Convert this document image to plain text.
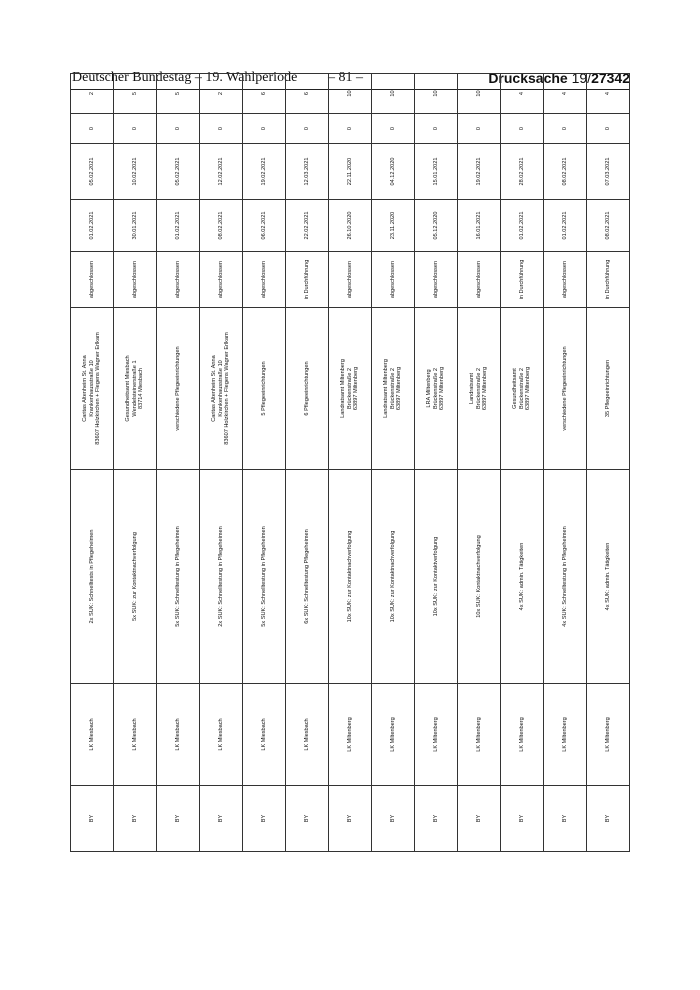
Deutscher Bundestag – 19. Wahlperiode – 81 –	Drucksache 19/27342
BY	LK Miesbach	2x SUK: Schnelltests in Pflegeheimen	Caritas Altenheim St. Anna
Krankenhausstraße 10
83607 Holzkirchen + Flegens Wagner Erlkam	abgeschlossen	01.02.2021	05.02.2021	0	2
BY	LK Miesbach	5x SUK: zur Kontaktnachverfolgung	Gesundheitsamt Miesbach
Wendelsteinerstraße 1
83714 Miesbach	abgeschlossen	30.01.2021	10.02.2021	0	5
BY	LK Miesbach	5x SUK: Schnelltestung in Pflegeheimen	verschiedene Pflegeeinrichtungen	abgeschlossen	01.02.2021	05.02.2021	0	5
BY	LK Miesbach	2x SUK: Schnelltestung in Pflegeheimen	Caritas Altenheim St. Anna
Krankenhausstraße 10
83607 Holzkirchen + Flegens Wagner Erlkam	abgeschlossen	08.02.2021	12.02.2021	0	2
BY	LK Miesbach	5x SUK: Schnelltestung in Pflegeheimen	5 Pflegeeinrichtungen	abgeschlossen	06.02.2021	19.02.2021	0	6
BY	LK Miesbach	6x SUK: Schnelltestung Pflegeheimen	6 Pflegeeinrichtungen	in Durchführung	22.02.2021	12.03.2021	0	6
BY	LK Miltenberg	10x SUK: zur Kontaktnachverfolgung	Landratsamt Miltenberg
Brückenstraße 2
63897 Miltenberg	abgeschlossen	26.10.2020	22.11.2020	0	10
BY	LK Miltenberg	10x SUK: zur Kontaktnachverfolgung	Landratsamt Miltenberg
Brückenstraße 2
63897 Miltenberg	abgeschlossen	23.11.2020	04.12.2020	0	10
BY	LK Miltenberg	10x SUK: zur Kontaktverfolgung	LRA Miltenberg
Brückenstraße 2
63897 Miltenberg	abgeschlossen	05.12.2020	15.01.2021	0	10
BY	LK Miltenberg	10x SUK: Kontaktnachverfolgung	Landratsamt
Brückenstraße 2
63897 Miltenberg	abgeschlossen	16.01.2021	19.02.2021	0	10
BY	LK Miltenberg	4x SUK: admin. Tätigkeiten	Gesundheitsamt
Brückenstraße 2
63897 Miltenberg	in Durchführung	01.02.2021	28.02.2021	0	4
BY	LK Miltenberg	4x SUK: Schnelltestung in Pflegeheimen	verschiedene Pflegeeinrichtungen	abgeschlossen	01.02.2021	08.02.2021	0	4
BY	LK Miltenberg	4x SUK: admin. Tätigkeiten	35 Pflegeeinrichtungen	in Durchführung	08.02.2021	07.03.2021	0	4
